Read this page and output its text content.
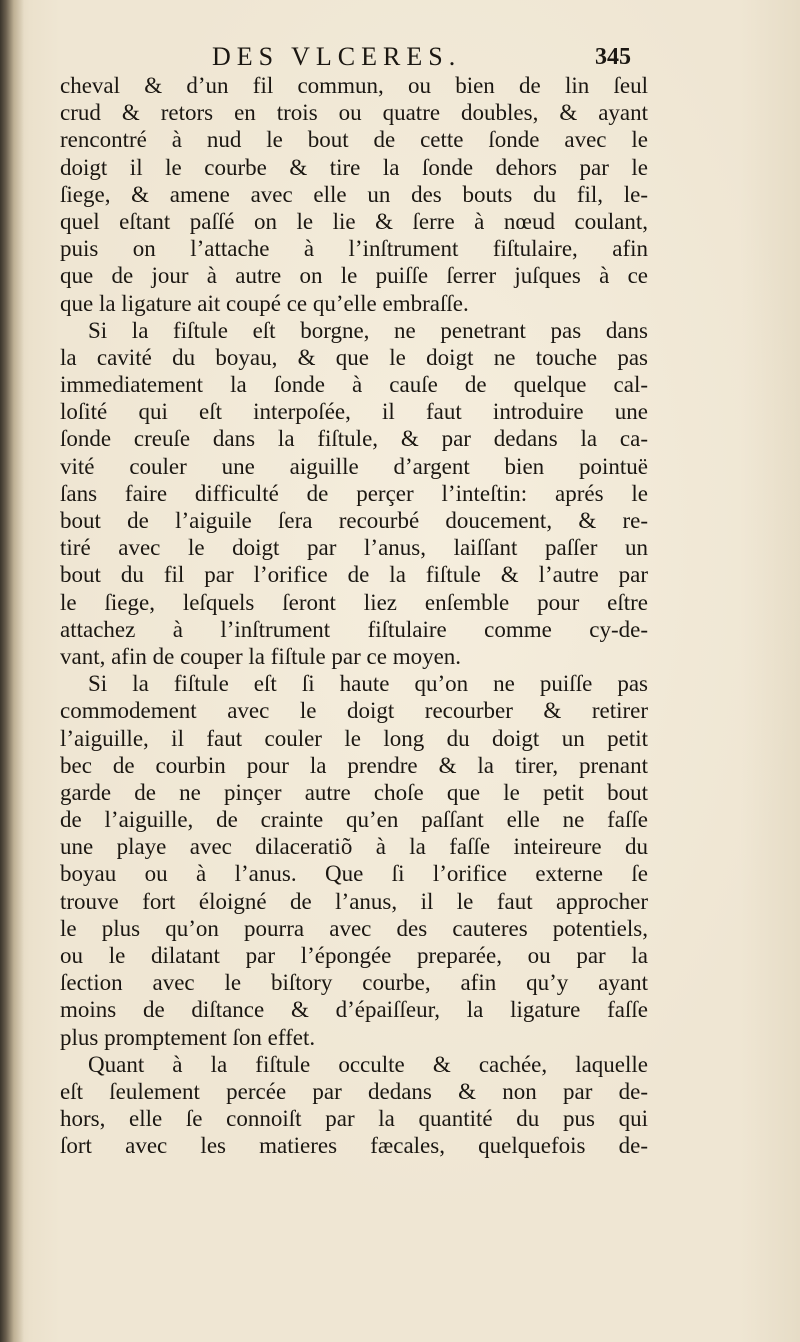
DES VLCERES.	345
cheval & d’un fil commun, ou bien de lin ſeul
crud & retors en trois ou quatre doubles, & ayant
rencontré à nud le bout de cette ſonde avec le
doigt il le courbe & tire la ſonde dehors par le
ſiege, & amene avec elle un des bouts du fil, le-
quel eſtant paſſé on le lie & ſerre à nœud coulant,
puis on l’attache à l’inſtrument fiſtulaire, afin
que de jour à autre on le puiſſe ſerrer juſques à ce
que la ligature ait coupé ce qu’elle embraſſe.
Si la fiſtule eſt borgne, ne penetrant pas dans
la cavité du boyau, & que le doigt ne touche pas
immediatement la ſonde à cauſe de quelque cal-
loſité qui eſt interpoſée, il faut introduire une
ſonde creuſe dans la fiſtule, & par dedans la ca-
vité couler une aiguille d’argent bien pointuë
ſans faire difficulté de perçer l’inteſtin: aprés le
bout de l’aiguile ſera recourbé doucement, & re-
tiré avec le doigt par l’anus, laiſſant paſſer un
bout du fil par l’orifice de la fiſtule & l’autre par
le ſiege, leſquels ſeront liez enſemble pour eſtre
attachez à l’inſtrument fiſtulaire comme cy-de-
vant, afin de couper la fiſtule par ce moyen.
Si la fiſtule eſt ſi haute qu’on ne puiſſe pas
commodement avec le doigt recourber & retirer
l’aiguille, il faut couler le long du doigt un petit
bec de courbin pour la prendre & la tirer, prenant
garde de ne pinçer autre choſe que le petit bout
de l’aiguille, de crainte qu’en paſſant elle ne faſſe
une playe avec dilaceratiõ à la faſſe inteireure du
boyau ou à l’anus. Que ſi l’orifice externe ſe
trouve fort éloigné de l’anus, il le faut approcher
le plus qu’on pourra avec des cauteres potentiels,
ou le dilatant par l’épongée preparée, ou par la
ſection avec le biſtory courbe, afin qu’y ayant
moins de diſtance & d’épaiſſeur, la ligature faſſe
plus promptement ſon effet.
Quant à la fiſtule occulte & cachée, laquelle
eſt ſeulement percée par dedans & non par de-
hors, elle ſe connoiſt par la quantité du pus qui
ſort avec les matieres fæcales, quelquefois de-
